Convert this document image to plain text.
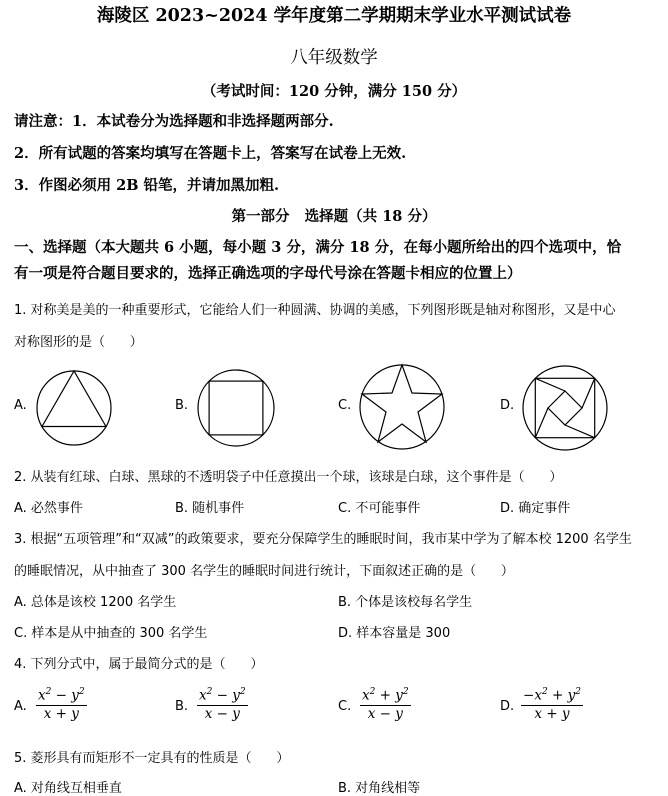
海陵区 2023~2024 学年度第二学期期末学业水平测试试卷
八年级数学
（考试时间：120 分钟，满分 150 分）
请注意：1．本试卷分为选择题和非选择题两部分.
2．所有试题的答案均填写在答题卡上，答案写在试卷上无效.
3．作图必须用 2B 铅笔，并请加黑加粗.
第一部分   选择题（共 18 分）
一、选择题（本大题共 6 小题，每小题 3 分，满分 18 分，在每小题所给出的四个选项中，恰
有一项是符合题目要求的，选择正确选项的字母代号涂在答题卡相应的位置上）
1. 对称美是美的一种重要形式，它能给人们一种圆满、协调的美感，下列图形既是轴对称图形，又是中心
对称图形的是（      ）
A.	B.	C.	D.
2. 从装有红球、白球、黑球的不透明袋子中任意摸出一个球，该球是白球，这个事件是（      ）
A. 必然事件	B. 随机事件	C. 不可能事件	D. 确定事件
3. 根据“五项管理”和“双减”的政策要求，要充分保障学生的睡眠时间，我市某中学为了解本校 1200 名学生
的睡眠情况，从中抽查了 300 名学生的睡眠时间进行统计，下面叙述正确的是（      ）
A. 总体是该校 1200 名学生	B. 个体是该校每名学生
C. 样本是从中抽查的 300 名学生	D. 样本容量是 300
4. 下列分式中，属于最简分式的是（      ）
A. $\frac{x^2 - y^2}{x + y}$	B. $\frac{x^2 - y^2}{x - y}$	C. $\frac{x^2 + y^2}{x - y}$	D. $\frac{-x^2 + y^2}{x + y}$
5. 菱形具有而矩形不一定具有的性质是（      ）
A. 对角线互相垂直	B. 对角线相等
